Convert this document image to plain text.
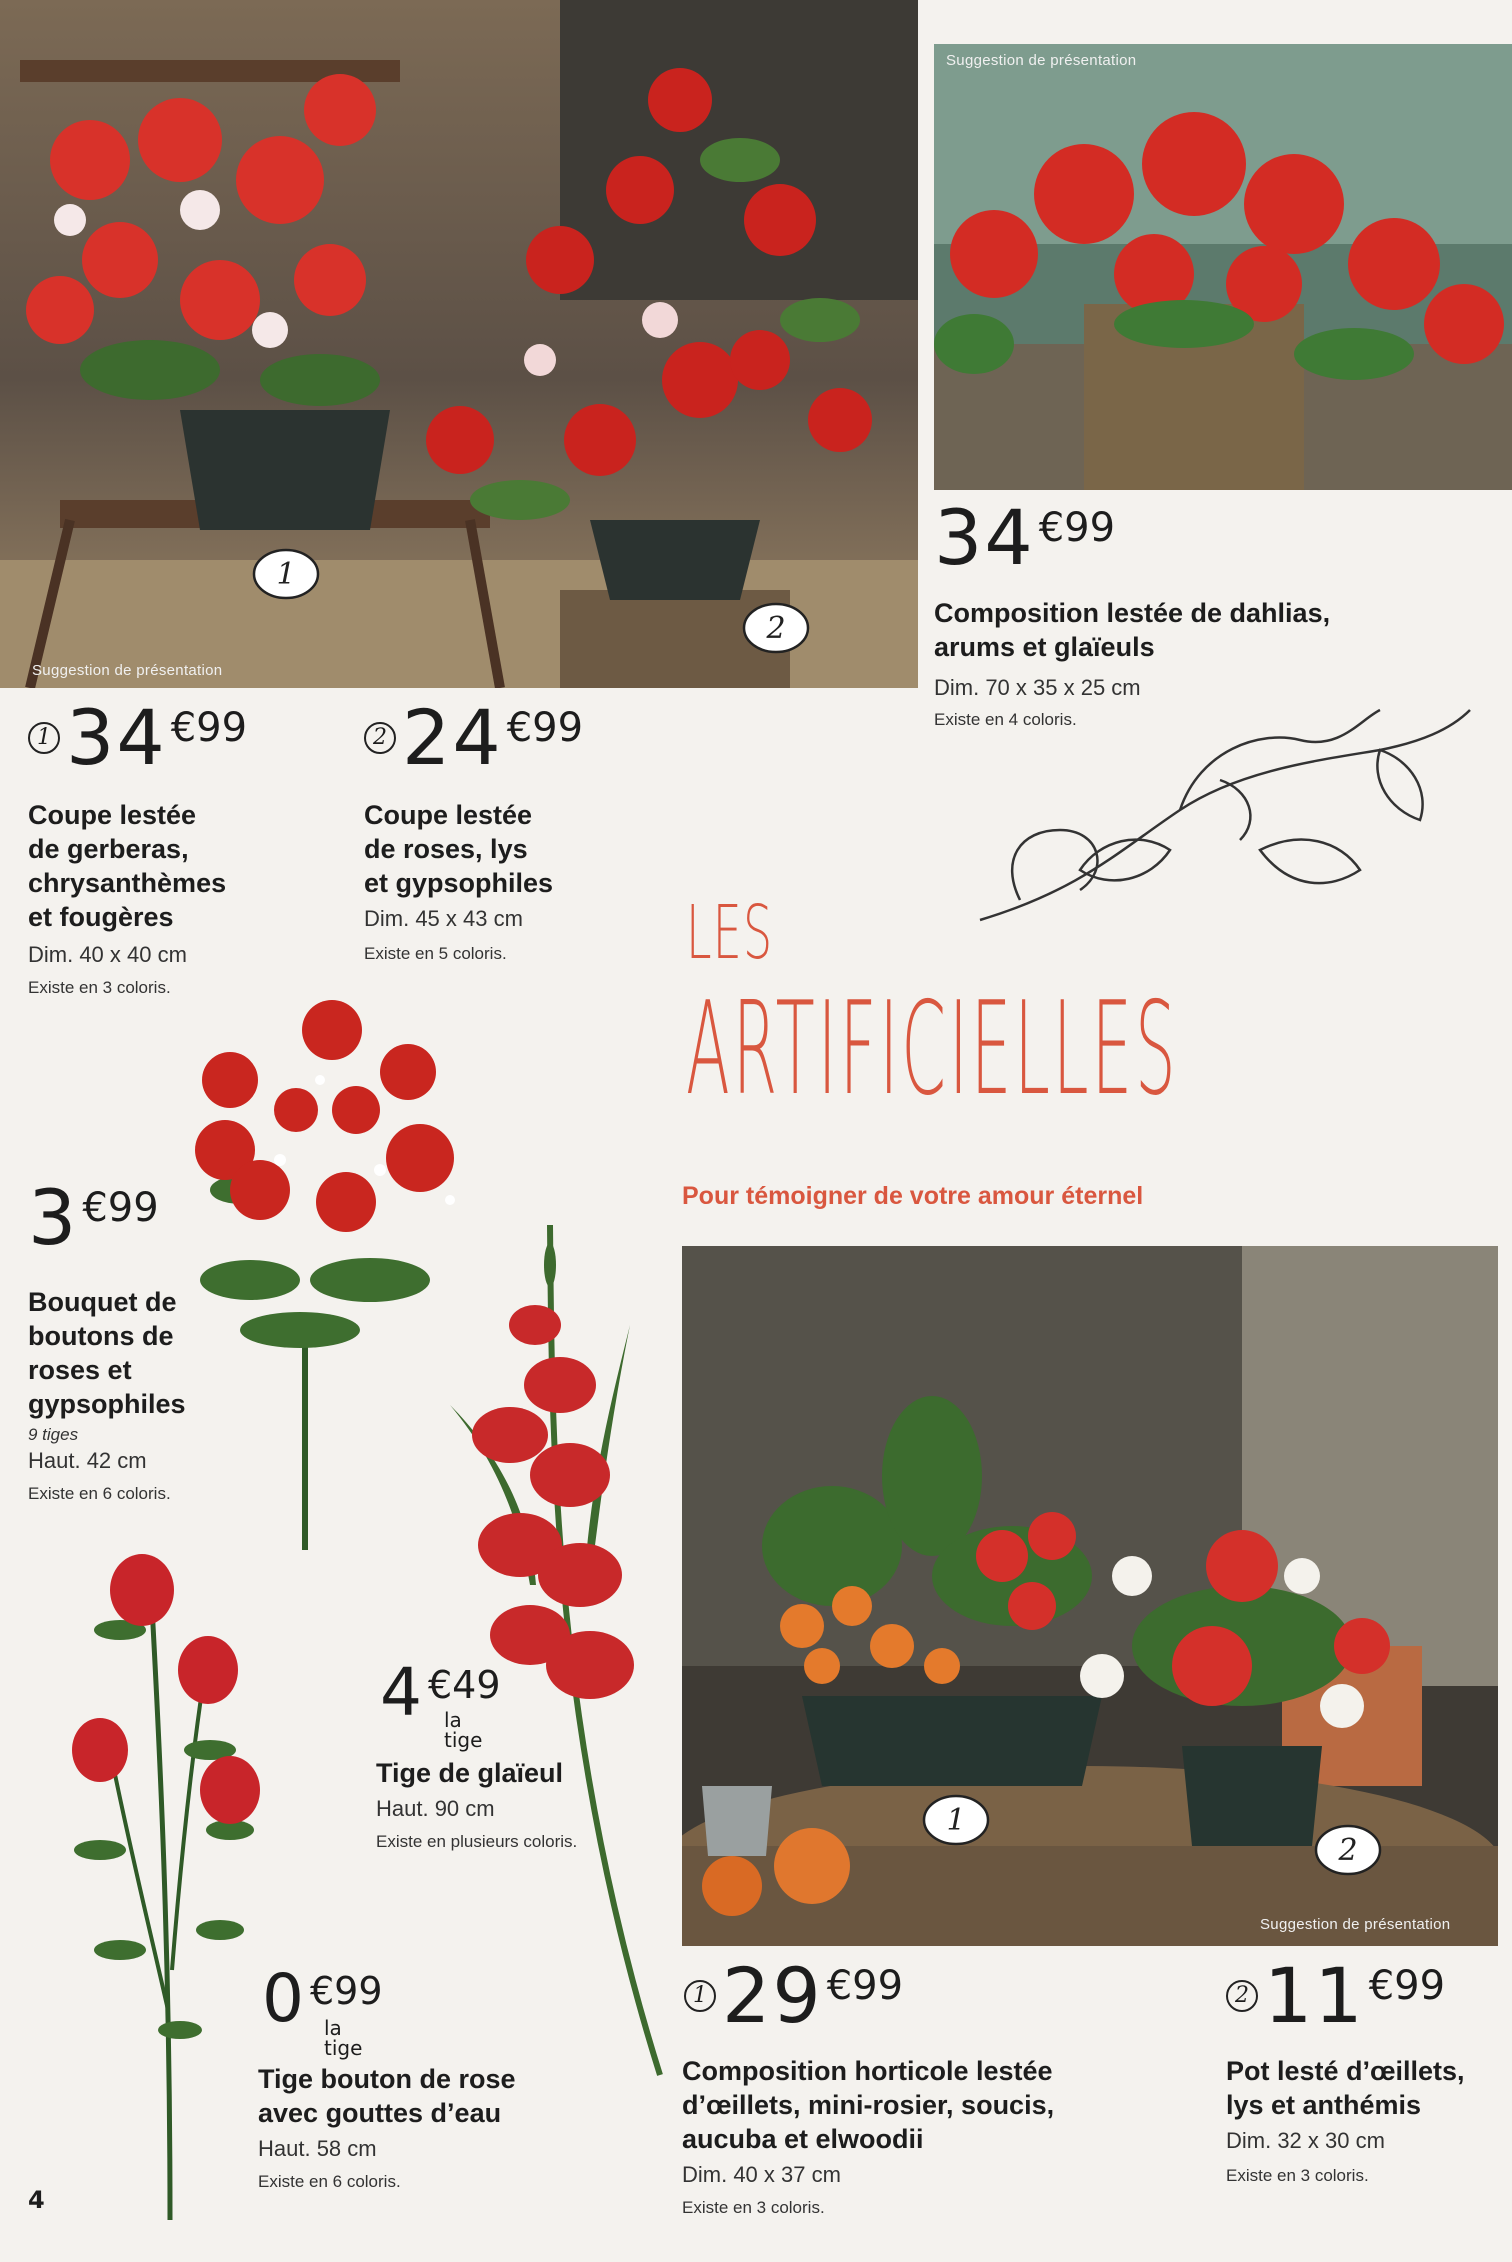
Suggestion de présentation
1
2
Suggestion de présentation
34 €99
Composition lestée de dahlias,
arums et glaïeuls
Dim. 70 x 35 x 25 cm
Existe en 4 coloris.
LES
ARTIFICIELLES
Pour témoigner de votre amour éternel
1 34 €99
Coupe lestée
de gerberas,
chrysanthèmes
et fougères
Dim. 40 x 40 cm
Existe en 3 coloris.
2 24 €99
Coupe lestée
de roses, lys
et gypsophiles
Dim. 45 x 43 cm
Existe en 5 coloris.
3 €99
Bouquet de
boutons de
roses et
gypsophiles
9 tiges
Haut. 42 cm
Existe en 6 coloris.
4 €49
la tige
Tige de glaïeul
Haut. 90 cm
Existe en plusieurs coloris.
0 €99
la tige
Tige bouton de rose
avec gouttes d’eau
Haut. 58 cm
Existe en 6 coloris.
Suggestion de présentation
1
2
1 29 €99
Composition horticole lestée
d’œillets, mini-rosier, soucis,
aucuba et elwoodii
Dim. 40 x 37 cm
Existe en 3 coloris.
2 11 €99
Pot lesté d’œillets,
lys et anthémis
Dim. 32 x 30 cm
Existe en 3 coloris.
4
